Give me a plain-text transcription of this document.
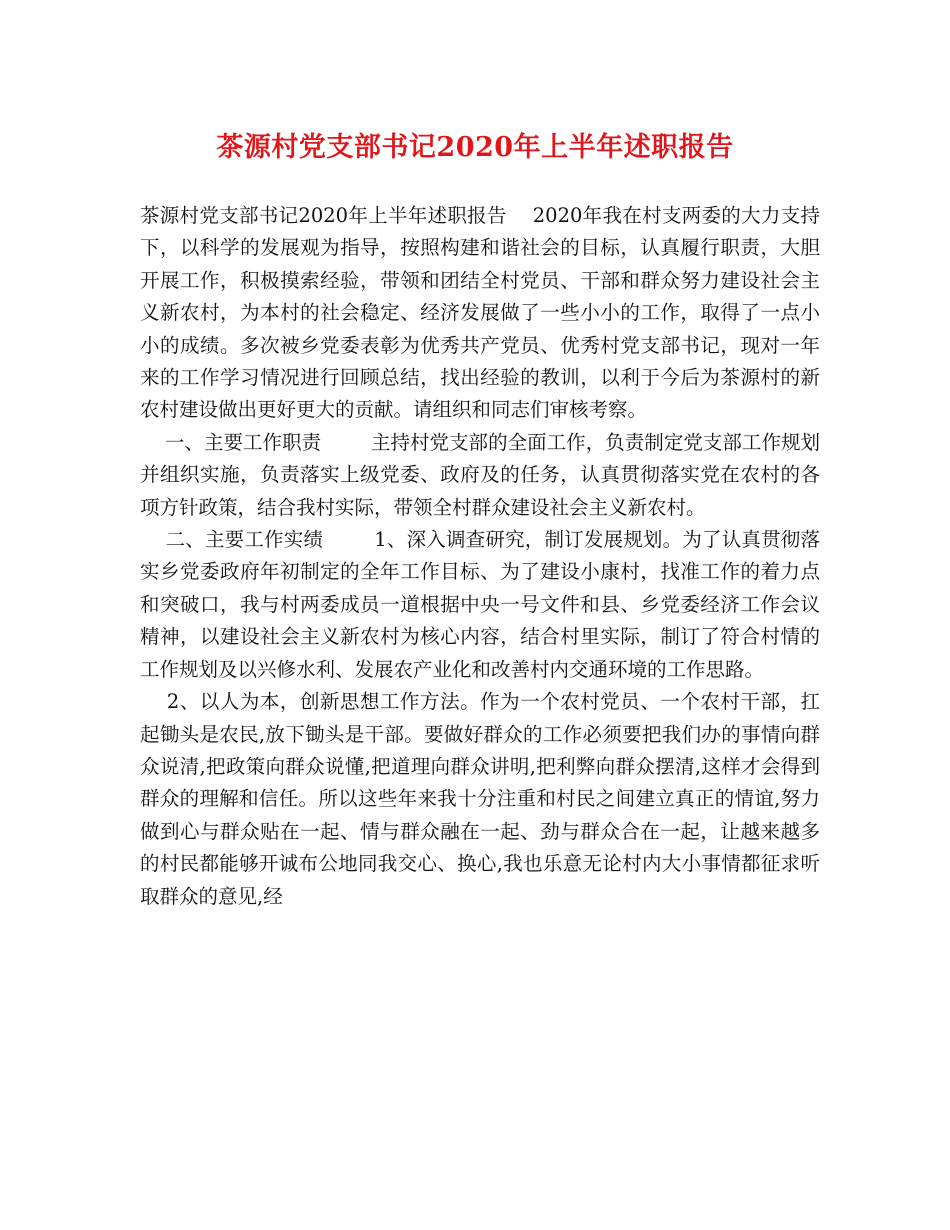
茶源村党支部书记2020年上半年述职报告

茶源村党支部书记2020年上半年述职报告    2020年我在村支两委的大力支持下，以科学的发展观为指导，按照构建和谐社会的目标，认真履行职责，大胆开展工作，积极摸索经验，带领和团结全村党员、干部和群众努力建设社会主义新农村，为本村的社会稳定、经济发展做了一些小小的工作，取得了一点小小的成绩。多次被乡党委表彰为优秀共产党员、优秀村党支部书记，现对一年来的工作学习情况进行回顾总结，找出经验的教训，以利于今后为茶源村的新农村建设做出更好更大的贡献。请组织和同志们审核考察。

一、主要工作职责        主持村党支部的全面工作，负责制定党支部工作规划并组织实施，负责落实上级党委、政府及的任务，认真贯彻落实党在农村的各项方针政策，结合我村实际，带领全村群众建设社会主义新农村。

二、主要工作实绩        1、深入调查研究，制订发展规划。为了认真贯彻落实乡党委政府年初制定的全年工作目标、为了建设小康村，找准工作的着力点和突破口，我与村两委成员一道根据中央一号文件和县、乡党委经济工作会议精神，以建设社会主义新农村为核心内容，结合村里实际，制订了符合村情的工作规划及以兴修水利、发展农产业化和改善村内交通环境的工作思路。

2、以人为本，创新思想工作方法。作为一个农村党员、一个农村干部，扛起锄头是农民,放下锄头是干部。要做好群众的工作必须要把我们办的事情向群众说清,把政策向群众说懂,把道理向群众讲明,把利弊向群众摆清,这样才会得到群众的理解和信任。所以这些年来我十分注重和村民之间建立真正的情谊,努力做到心与群众贴在一起、情与群众融在一起、劲与群众合在一起，让越来越多的村民都能够开诚布公地同我交心、换心,我也乐意无论村内大小事情都征求听取群众的意见,经
